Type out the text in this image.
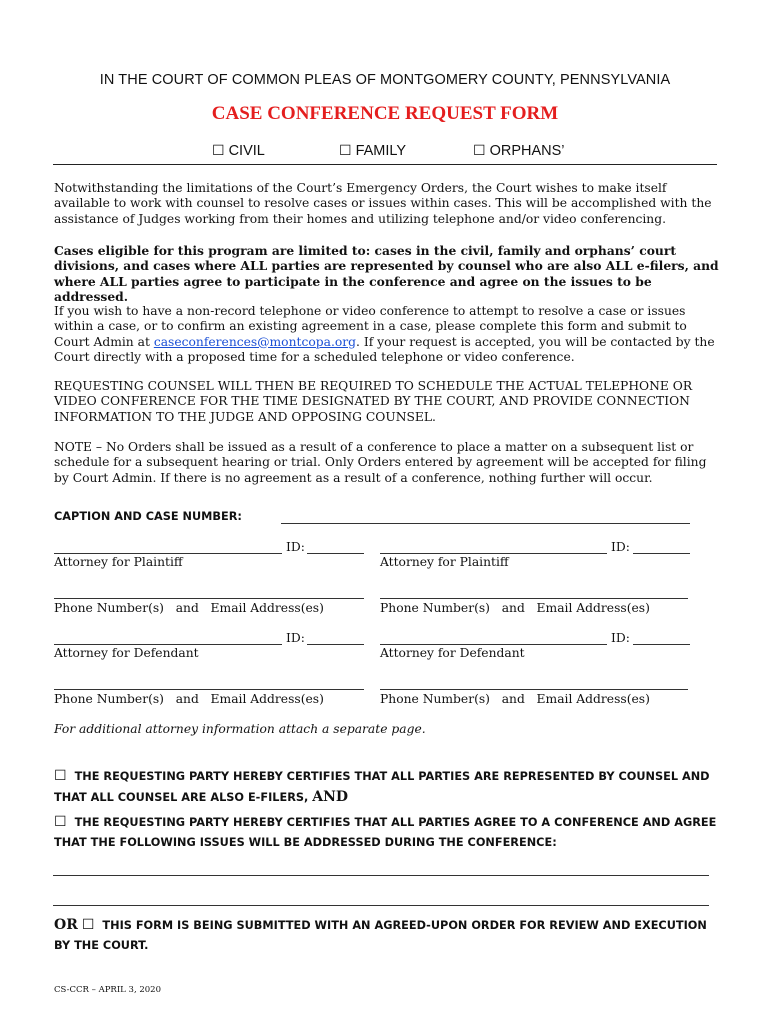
IN THE COURT OF COMMON PLEAS OF MONTGOMERY COUNTY, PENNSYLVANIA
CASE CONFERENCE REQUEST FORM
☐ CIVIL	☐ FAMILY	☐ ORPHANS’

Notwithstanding the limitations of the Court’s Emergency Orders, the Court wishes to make itself available to work with counsel to resolve cases or issues within cases. This will be accomplished with the assistance of Judges working from their homes and utilizing telephone and/or video conferencing.

Cases eligible for this program are limited to: cases in the civil, family and orphans’ court divisions, and cases where ALL parties are represented by counsel who are also ALL e-filers, and where ALL parties agree to participate in the conference and agree on the issues to be addressed.

If you wish to have a non-record telephone or video conference to attempt to resolve a case or issues within a case, or to confirm an existing agreement in a case, please complete this form and submit to Court Admin at caseconferences@montcopa.org. If your request is accepted, you will be contacted by the Court directly with a proposed time for a scheduled telephone or video conference.

REQUESTING COUNSEL WILL THEN BE REQUIRED TO SCHEDULE THE ACTUAL TELEPHONE OR VIDEO CONFERENCE FOR THE TIME DESIGNATED BY THE COURT, AND PROVIDE CONNECTION INFORMATION TO THE JUDGE AND OPPOSING COUNSEL.

NOTE – No Orders shall be issued as a result of a conference to place a matter on a subsequent list or schedule for a subsequent hearing or trial. Only Orders entered by agreement will be accepted for filing by Court Admin. If there is no agreement as a result of a conference, nothing further will occur.

CAPTION AND CASE NUMBER:
ID:	ID:
Attorney for Plaintiff	Attorney for Plaintiff
Phone Number(s)   and   Email Address(es)	Phone Number(s)   and   Email Address(es)
ID:	ID:
Attorney for Defendant	Attorney for Defendant
Phone Number(s)   and   Email Address(es)	Phone Number(s)   and   Email Address(es)
For additional attorney information attach a separate page.

☐ THE REQUESTING PARTY HEREBY CERTIFIES THAT ALL PARTIES ARE REPRESENTED BY COUNSEL AND THAT ALL COUNSEL ARE ALSO E-FILERS, AND

☐ THE REQUESTING PARTY HEREBY CERTIFIES THAT ALL PARTIES AGREE TO A CONFERENCE AND AGREE THAT THE FOLLOWING ISSUES WILL BE ADDRESSED DURING THE CONFERENCE:

OR ☐ THIS FORM IS BEING SUBMITTED WITH AN AGREED-UPON ORDER FOR REVIEW AND EXECUTION BY THE COURT.

CS-CCR – APRIL 3, 2020
